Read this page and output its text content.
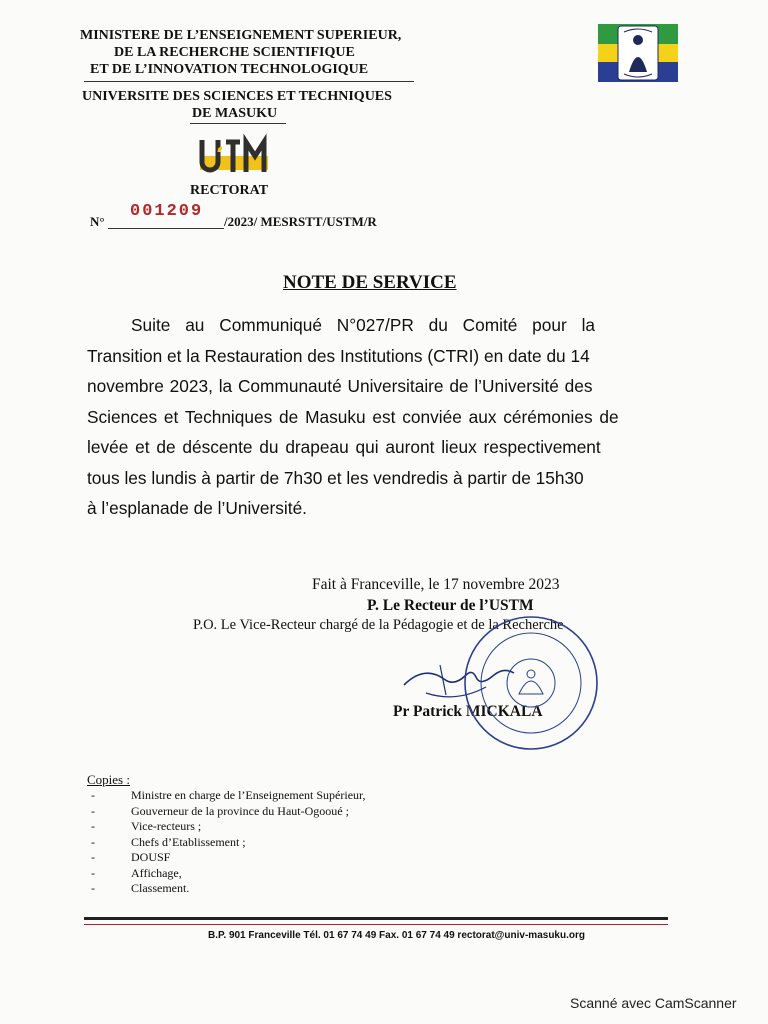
MINISTERE DE L’ENSEIGNEMENT SUPERIEUR,
DE LA RECHERCHE SCIENTIFIQUE
ET DE L’INNOVATION TECHNOLOGIQUE
UNIVERSITE DES SCIENCES ET TECHNIQUES
DE MASUKU
RECTORAT
N°
001209
/2023/ MESRSTT/USTM/R
NOTE DE SERVICE
Suite au Communiqué N°027/PR du Comité pour la
Transition et la Restauration des Institutions (CTRI) en date du 14
novembre 2023, la Communauté Universitaire de l’Université des
Sciences et Techniques de Masuku est conviée aux cérémonies de
levée et de déscente du drapeau qui auront lieux respectivement
tous les lundis à partir de 7h30 et les vendredis à partir de 15h30
à l’esplanade de l’Université.
Fait à Franceville, le 17 novembre 2023
P. Le Recteur de l’USTM
P.O. Le Vice-Recteur chargé de la Pédagogie et de la Recherche
Pr Patrick MICKALA
Copies :
-	Ministre en charge de l’Enseignement Supérieur,
-	Gouverneur de la province du Haut-Ogooué ;
-	Vice-recteurs ;
-	Chefs d’Etablissement ;
-	DOUSF
-	Affichage,
-	Classement.
B.P. 901 Franceville Tél. 01 67 74 49 Fax. 01 67 74 49 rectorat@univ-masuku.org
Scanné avec CamScanner
